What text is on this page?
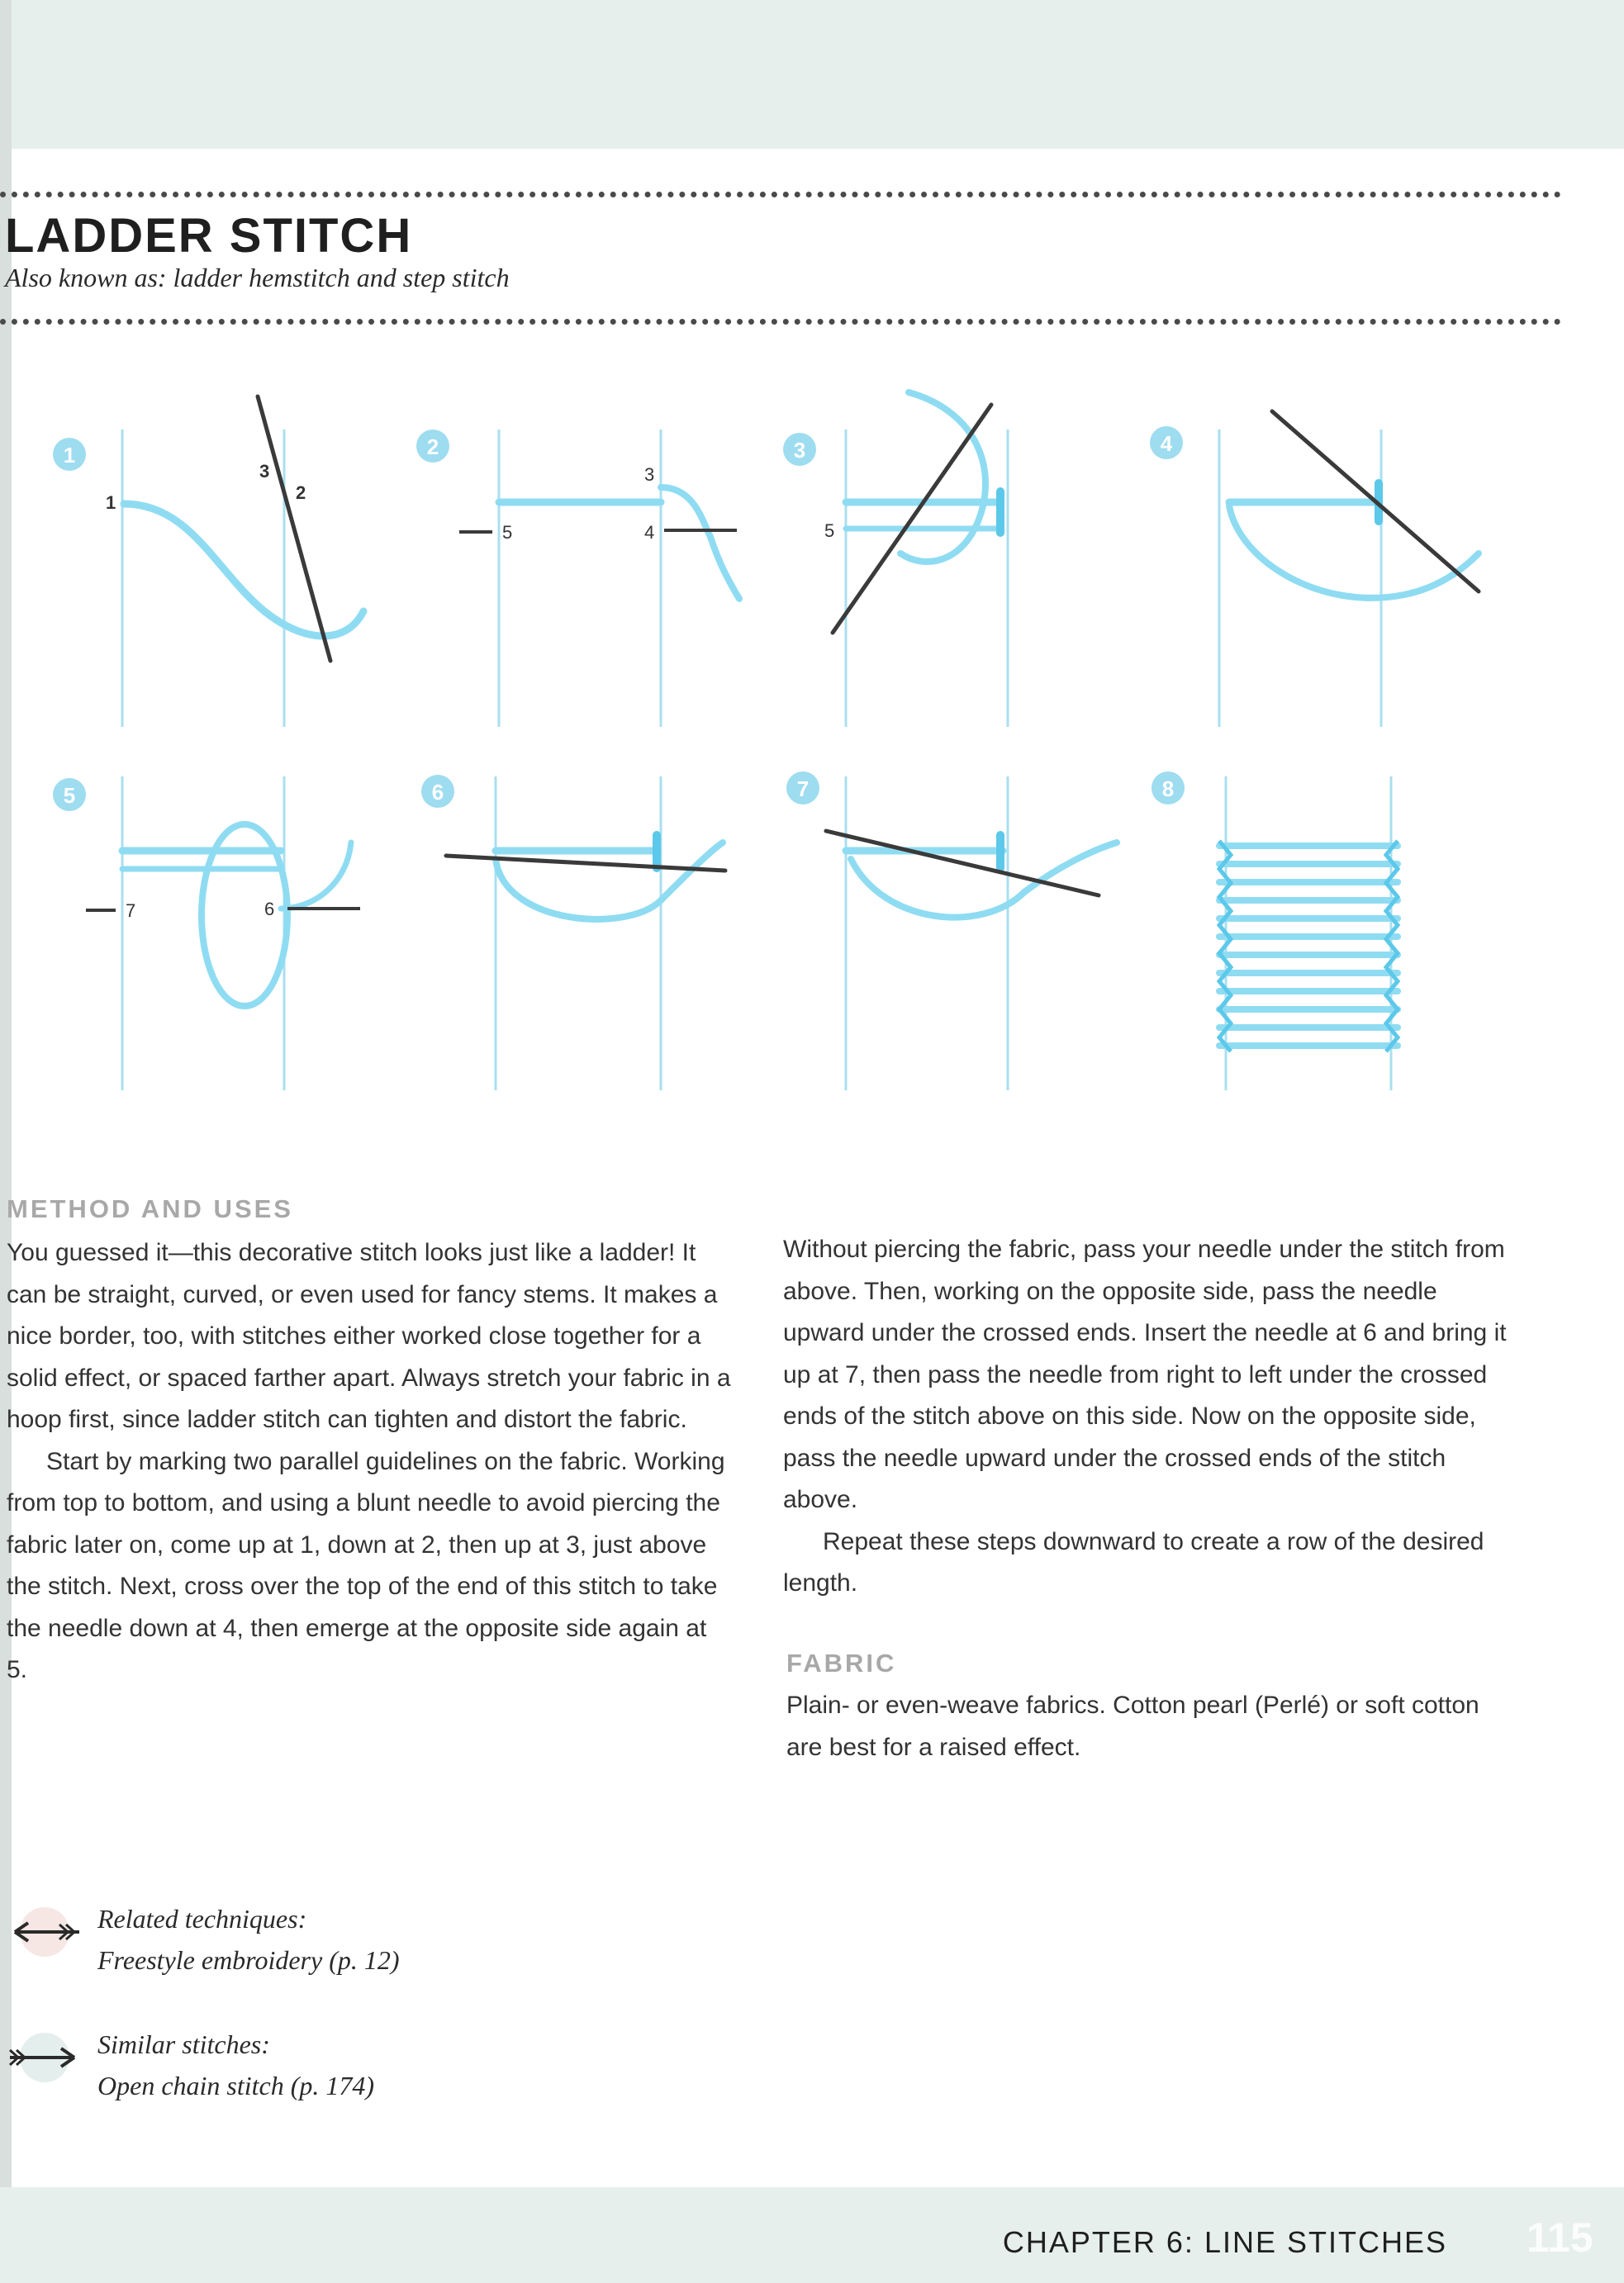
LADDER STITCH
Also known as: ladder hemstitch and step stitch
1
1	2
3
2
5
3
4
3
5
4
5
7	6
6	7	8
METHOD AND USES

You guessed it—this decorative stitch looks just like a ladder! It can be straight, curved, or even used for fancy stems. It makes a nice border, too, with stitches either worked close together for a solid effect, or spaced farther apart. Always stretch your fabric in a hoop first, since ladder stitch can tighten and distort the fabric.

Start by marking two parallel guidelines on the fabric. Working from top to bottom, and using a blunt needle to avoid piercing the fabric later on, come up at 1, down at 2, then up at 3, just above the stitch. Next, cross over the top of the end of this stitch to take the needle down at 4, then emerge at the opposite side again at 5.

Without piercing the fabric, pass your needle under the stitch from above. Then, working on the opposite side, pass the needle upward under the crossed ends. Insert the needle at 6 and bring it up at 7, then pass the needle from right to left under the crossed ends of the stitch above on this side. Now on the opposite side, pass the needle upward under the crossed ends of the stitch above.

Repeat these steps downward to create a row of the desired length.

FABRIC
Plain- or even-weave fabrics. Cotton pearl (Perlé) or soft cotton are best for a raised effect.
Related techniques:
Freestyle embroidery (p. 12)
Similar stitches:
Open chain stitch (p. 174)
CHAPTER 6: LINE STITCHES 115
